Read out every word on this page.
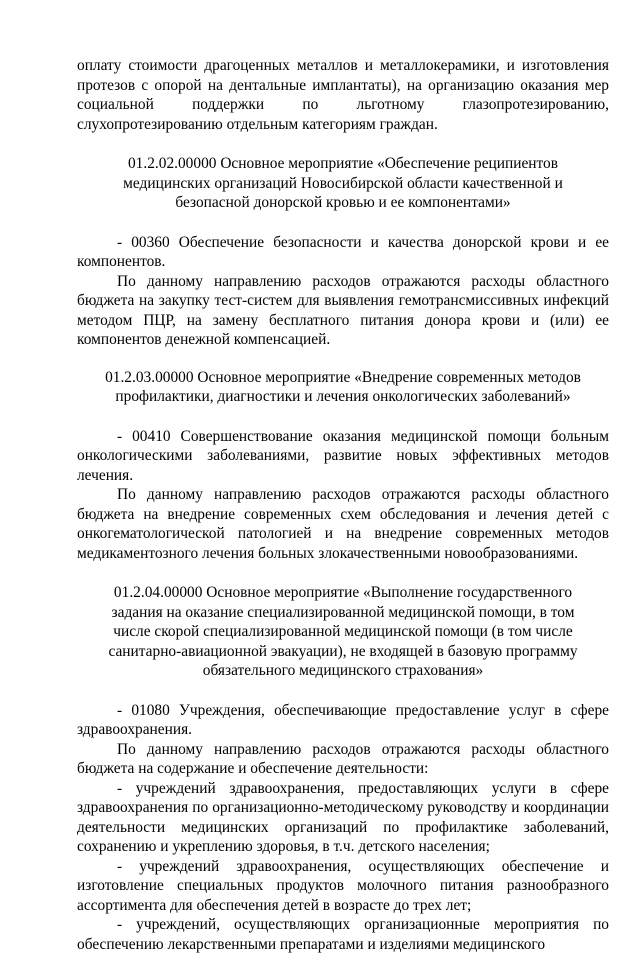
оплату стоимости драгоценных металлов и металлокерамики, и изготовления протезов с опорой на дентальные имплантаты), на организацию оказания мер социальной поддержки по льготному глазопротезированию, слухопротезированию отдельным категориям граждан.

01.2.02.00000 Основное мероприятие «Обеспечение реципиентов медицинских организаций Новосибирской области качественной и безопасной донорской кровью и ее компонентами»

- 00360 Обеспечение безопасности и качества донорской крови и ее компонентов.

По данному направлению расходов отражаются расходы областного бюджета на закупку тест-систем для выявления гемотрансмиссивных инфекций методом ПЦР, на замену бесплатного питания донора крови и (или) ее компонентов денежной компенсацией.

01.2.03.00000 Основное мероприятие «Внедрение современных методов профилактики, диагностики и лечения онкологических заболеваний»

- 00410 Совершенствование оказания медицинской помощи больным онкологическими заболеваниями, развитие новых эффективных методов лечения.

По данному направлению расходов отражаются расходы областного бюджета на внедрение современных схем обследования и лечения детей с онкогематологической патологией и на внедрение современных методов медикаментозного лечения больных злокачественными новообразованиями.

01.2.04.00000 Основное мероприятие «Выполнение государственного задания на оказание специализированной медицинской помощи, в том числе скорой специализированной медицинской помощи (в том числе санитарно-авиационной эвакуации), не входящей в базовую программу обязательного медицинского страхования»

- 01080 Учреждения, обеспечивающие предоставление услуг в сфере здравоохранения.

По данному направлению расходов отражаются расходы областного бюджета на содержание и обеспечение деятельности:

- учреждений здравоохранения, предоставляющих услуги в сфере здравоохранения по организационно-методическому руководству и координации деятельности медицинских организаций по профилактике заболеваний, сохранению и укреплению здоровья, в т.ч. детского населения;

- учреждений здравоохранения, осуществляющих обеспечение и изготовление специальных продуктов молочного питания разнообразного ассортимента для обеспечения детей в возрасте до трех лет;

- учреждений, осуществляющих организационные мероприятия по обеспечению лекарственными препаратами и изделиями медицинского
